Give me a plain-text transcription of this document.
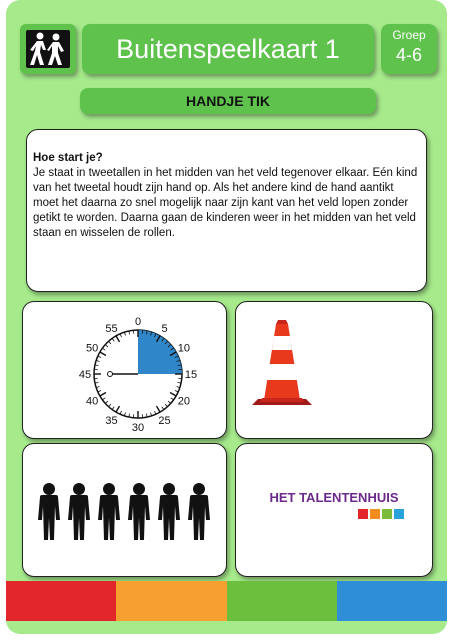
Buitenspeelkaart 1	Groep
4-6
HANDJE TIK
Hoe start je?
Je staat in tweetallen in het midden van het veld tegenover elkaar. Eén kind van het tweetal houdt zijn hand op. Als het andere kind de hand aantikt moet het daarna zo snel mogelijk naar zijn kant van het veld lopen zonder getikt te worden. Daarna gaan de kinderen weer in het midden van het veld staan en wisselen de rollen.
0
5
10
15
20
25
30
35
40
45
50
55
HET TALENTENHUIS
